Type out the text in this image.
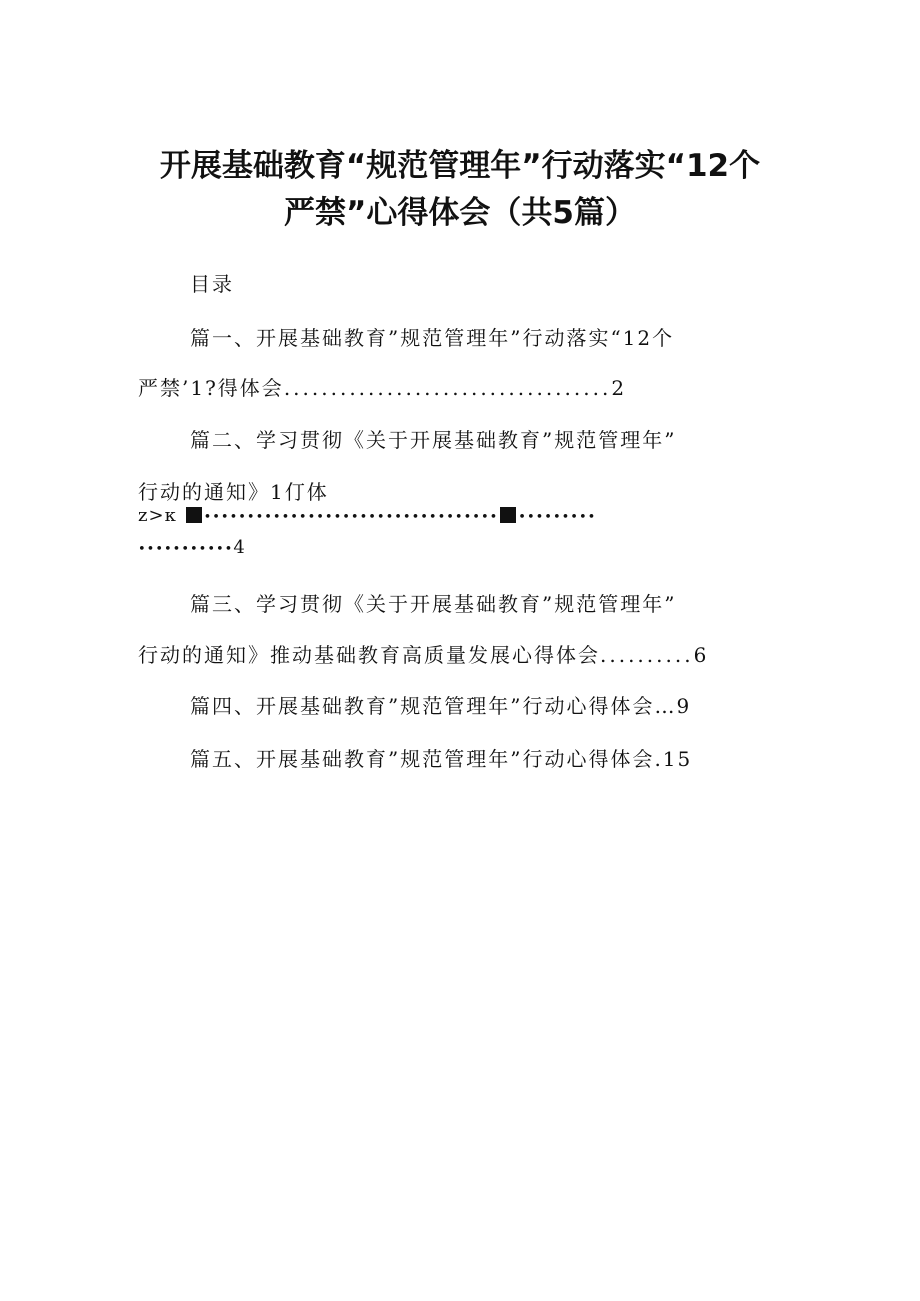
开展基础教育“规范管理年”行动落实“12个
严禁”心得体会（共5篇）
目录
篇一、开展基础教育”规范管理年”行动落实“12个
严禁’1?得体会...................................2
篇二、学习贯彻《关于开展基础教育”规范管理年”
行动的通知》1仃体
z>κ •••••••••••••••••••••••••••••••••• •••••••••
•••••••••••4
篇三、学习贯彻《关于开展基础教育”规范管理年”
行动的通知》推动基础教育高质量发展心得体会..........6
篇四、开展基础教育”规范管理年”行动心得体会…9
篇五、开展基础教育”规范管理年”行动心得体会.15
